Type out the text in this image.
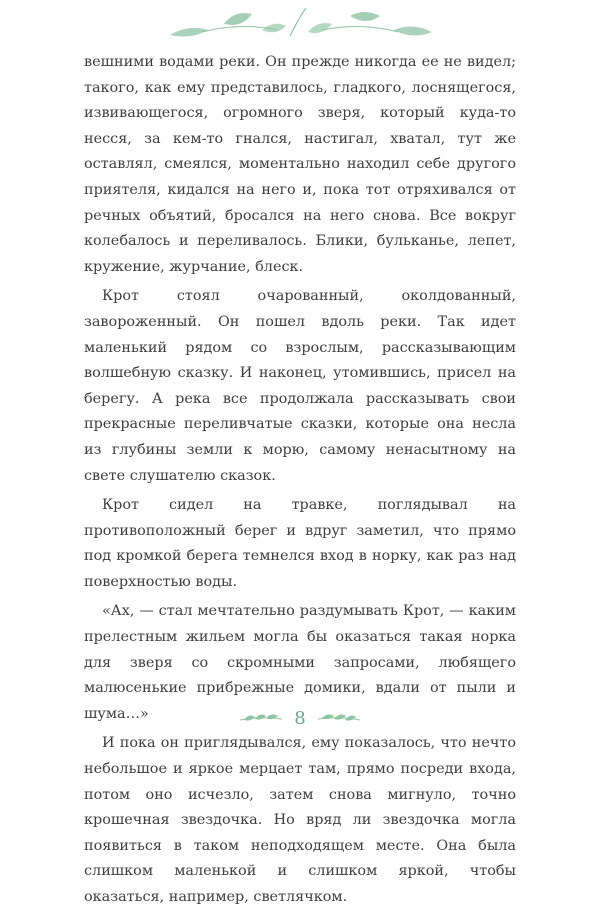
вешними водами реки. Он прежде никогда ее не видел; такого, как ему представилось, гладкого, лоснящегося, извивающегося, огромного зверя, который куда-то несся, за кем-то гнался, настигал, хватал, тут же оставлял, смеялся, моментально находил себе другого приятеля, кидался на него и, пока тот отряхивался от речных объятий, бросался на него снова. Все вокруг колебалось и переливалось. Блики, бульканье, лепет, кружение, журчание, блеск.

Крот стоял очарованный, околдованный, завороженный. Он пошел вдоль реки. Так идет маленький рядом со взрослым, рассказывающим волшебную сказку. И наконец, утомившись, присел на берегу. А река все продолжала рассказывать свои прекрасные переливчатые сказки, которые она несла из глубины земли к морю, самому ненасытному на свете слушателю сказок.

Крот сидел на травке, поглядывал на противоположный берег и вдруг заметил, что прямо под кромкой берега темнелся вход в норку, как раз над поверхностью воды.

«Ах, — стал мечтательно раздумывать Крот, — каким прелестным жильем могла бы оказаться такая норка для зверя со скромными запросами, любящего малюсенькие прибрежные домики, вдали от пыли и шума…»

И пока он приглядывался, ему показалось, что нечто небольшое и яркое мерцает там, прямо посреди входа, потом оно исчезло, затем снова мигнуло, точно крошечная звездочка. Но вряд ли звездочка могла появиться в таком неподходящем месте. Она была слишком маленькой и слишком яркой, чтобы оказаться, например, светлячком.

8
